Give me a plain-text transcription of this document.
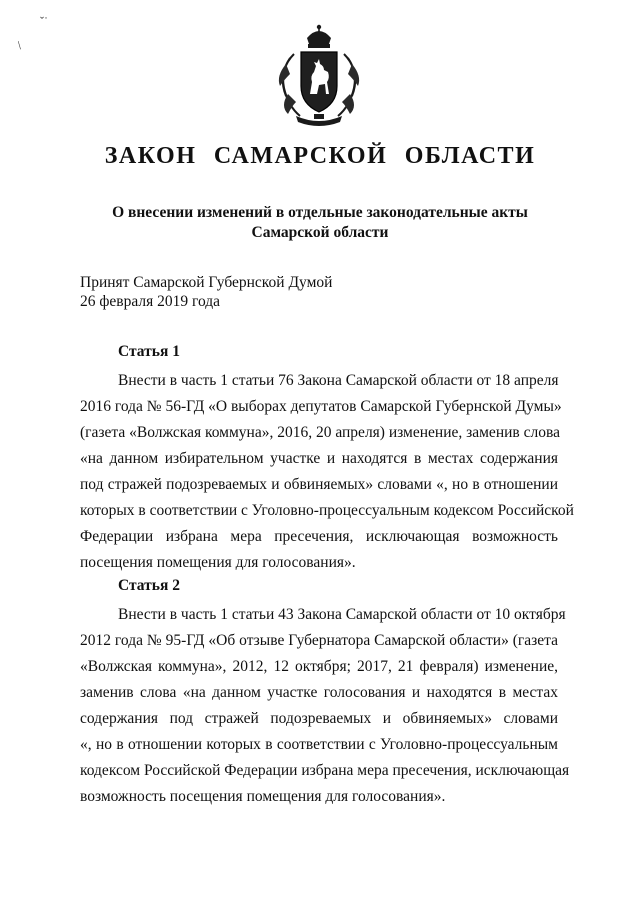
ˇ˙
/
ЗАКОН САМАРСКОЙ ОБЛАСТИ
О внесении изменений в отдельные законодательные акты
Самарской области
Принят Самарской Губернской Думой
26 февраля 2019 года
Статья 1
Внести в часть 1 статьи 76 Закона Самарской области от 18 апреля
2016 года № 56-ГД «О выборах депутатов Самарской Губернской Думы»
(газета «Волжская коммуна», 2016, 20 апреля) изменение, заменив слова
«на данном избирательном участке и находятся в местах содержания
под стражей подозреваемых и обвиняемых» словами «, но в отношении
которых в соответствии с Уголовно-процессуальным кодексом Российской
Федерации избрана мера пресечения, исключающая возможность
посещения помещения для голосования».
Статья 2
Внести в часть 1 статьи 43 Закона Самарской области от 10 октября
2012 года № 95-ГД «Об отзыве Губернатора Самарской области» (газета
«Волжская коммуна», 2012, 12 октября; 2017, 21 февраля) изменение,
заменив слова «на данном участке голосования и находятся в местах
содержания под стражей подозреваемых и обвиняемых» словами
«, но в отношении которых в соответствии с Уголовно-процессуальным
кодексом Российской Федерации избрана мера пресечения, исключающая
возможность посещения помещения для голосования».
